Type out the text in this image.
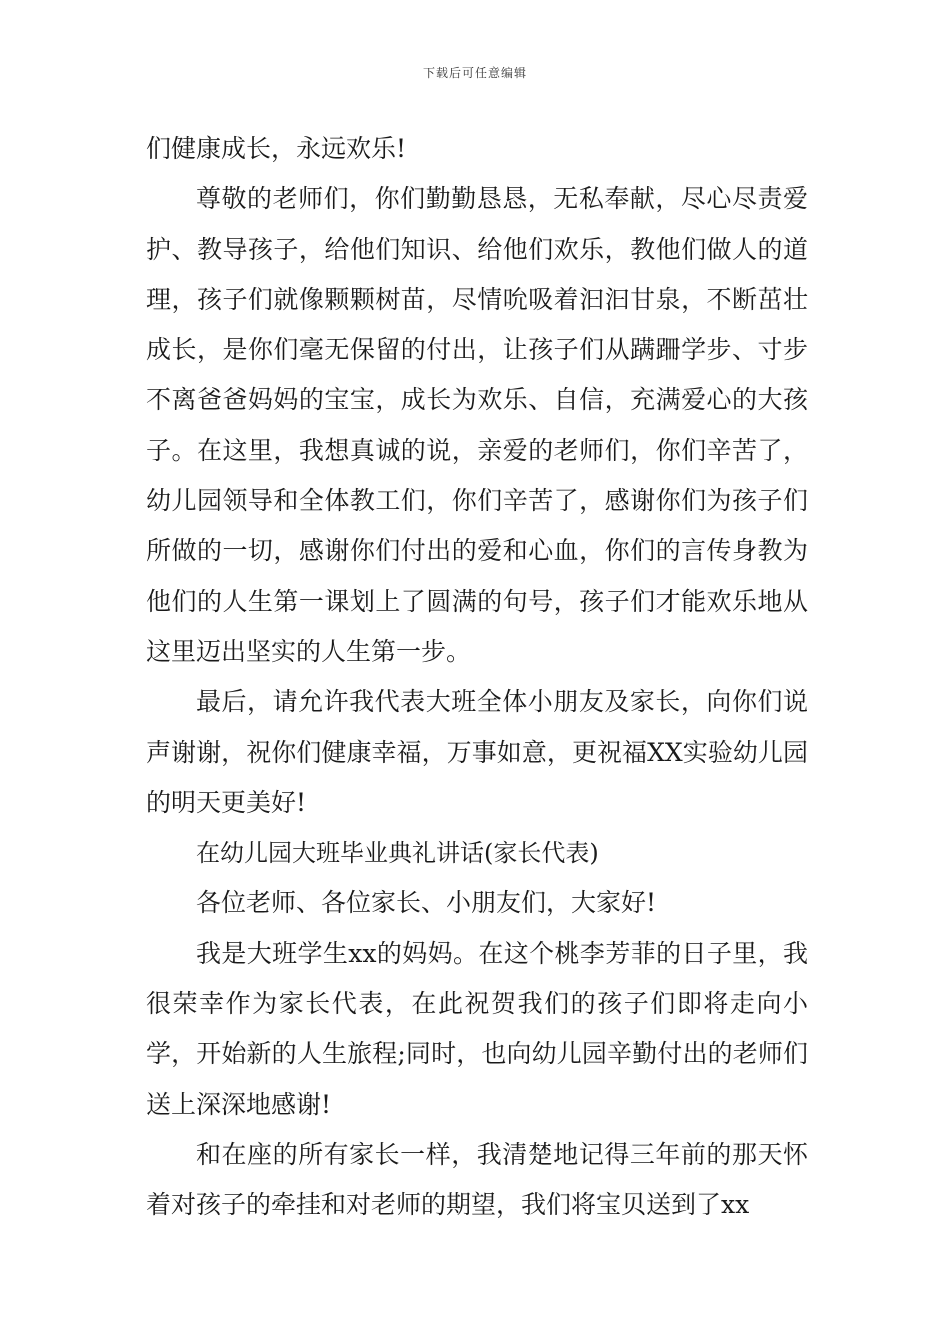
下载后可任意编辑

们健康成长，永远欢乐!

尊敬的老师们，你们勤勤恳恳，无私奉献，尽心尽责爱护、教导孩子，给他们知识、给他们欢乐，教他们做人的道理，孩子们就像颗颗树苗，尽情吮吸着汩汩甘泉，不断茁壮成长，是你们毫无保留的付出，让孩子们从蹒跚学步、寸步不离爸爸妈妈的宝宝，成长为欢乐、自信，充满爱心的大孩子。在这里，我想真诚的说，亲爱的老师们，你们辛苦了，幼儿园领导和全体教工们，你们辛苦了，感谢你们为孩子们所做的一切，感谢你们付出的爱和心血，你们的言传身教为他们的人生第一课划上了圆满的句号，孩子们才能欢乐地从这里迈出坚实的人生第一步。

最后，请允许我代表大班全体小朋友及家长，向你们说声谢谢，祝你们健康幸福，万事如意，更祝福XX实验幼儿园的明天更美好!

在幼儿园大班毕业典礼讲话(家长代表)

各位老师、各位家长、小朋友们，大家好!

我是大班学生xx的妈妈。在这个桃李芳菲的日子里，我很荣幸作为家长代表，在此祝贺我们的孩子们即将走向小学，开始新的人生旅程;同时，也向幼儿园辛勤付出的老师们送上深深地感谢!

和在座的所有家长一样，我清楚地记得三年前的那天怀着对孩子的牵挂和对老师的期望，我们将宝贝送到了xx
